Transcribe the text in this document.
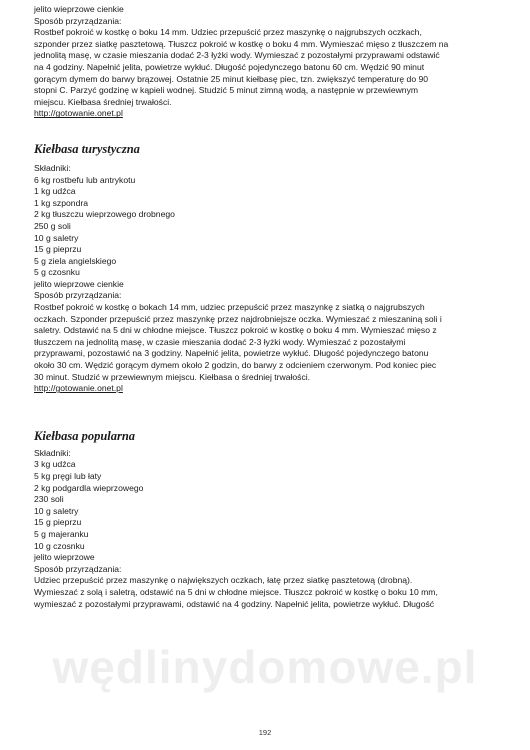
wędlinydomowe.pl

jelito wieprzowe cienkie

Sposób przyrządzania:

Rostbef pokroić w kostkę o boku 14 mm. Udziec przepuścić przez maszynkę o najgrubszych oczkach,

szponder przez siatkę pasztetową. Tłuszcz pokroić w kostkę o boku 4 mm. Wymieszać mięso z tłuszczem na

jednolitą masę, w czasie mieszania dodać 2-3 łyżki wody. Wymieszać z pozostałymi przyprawami odstawić

na 4 godziny. Napełnić jelita, powietrze wykłuć. Długość pojedynczego batonu 60 cm. Wędzić 90 minut

gorącym dymem do barwy brązowej. Ostatnie 25 minut kiełbasę piec, tzn. zwiększyć temperaturę do 90

stopni C. Parzyć godzinę w kąpieli wodnej. Studzić 5 minut zimną wodą, a następnie w przewiewnym

miejscu. Kiełbasa średniej trwałości.

http://gotowanie.onet.pl

Kiełbasa turystyczna

Składniki:

6 kg rostbefu lub antrykotu

1 kg udźca

1 kg szpondra

2 kg tłuszczu wieprzowego drobnego

250 g soli

10 g saletry

15 g pieprzu

5 g ziela angielskiego

5 g czosnku

jelito wieprzowe cienkie

Sposób przyrządzania:

Rostbef pokroić w kostkę o bokach 14 mm, udziec przepuścić przez maszynkę z siatką o najgrubszych

oczkach. Szponder przepuścić przez maszynkę przez najdrobniejsze oczka. Wymieszać z mieszaniną soli i

saletry. Odstawić na 5 dni w chłodne miejsce. Tłuszcz pokroić w kostkę o boku 4 mm. Wymieszać mięso z

tłuszczem na jednolitą masę, w czasie mieszania dodać 2-3 łyżki wody. Wymieszać z pozostałymi

przyprawami, pozostawić na 3 godziny. Napełnić jelita, powietrze wykłuć. Długość pojedynczego batonu

około 30 cm. Wędzić gorącym dymem około 2 godzin, do barwy z odcieniem czerwonym. Pod koniec piec

30 minut. Studzić w przewiewnym miejscu. Kiełbasa o średniej trwałości.

http://gotowanie.onet.pl

Kiełbasa popularna

Składniki:

3 kg udźca

5 kg pręgi lub łaty

2 kg podgardla wieprzowego

230 soli

10 g saletry

15 g pieprzu

5 g majeranku

10 g czosnku

jelito wieprzowe

Sposób przyrządzania:

Udziec przepuścić przez maszynkę o największych oczkach, łatę przez siatkę pasztetową (drobną).

Wymieszać z solą i saletrą, odstawić na 5 dni w chłodne miejsce. Tłuszcz pokroić w kostkę o boku 10 mm,

wymieszać z pozostałymi przyprawami, odstawić na 4 godziny. Napełnić jelita, powietrze wykłuć. Długość

192
